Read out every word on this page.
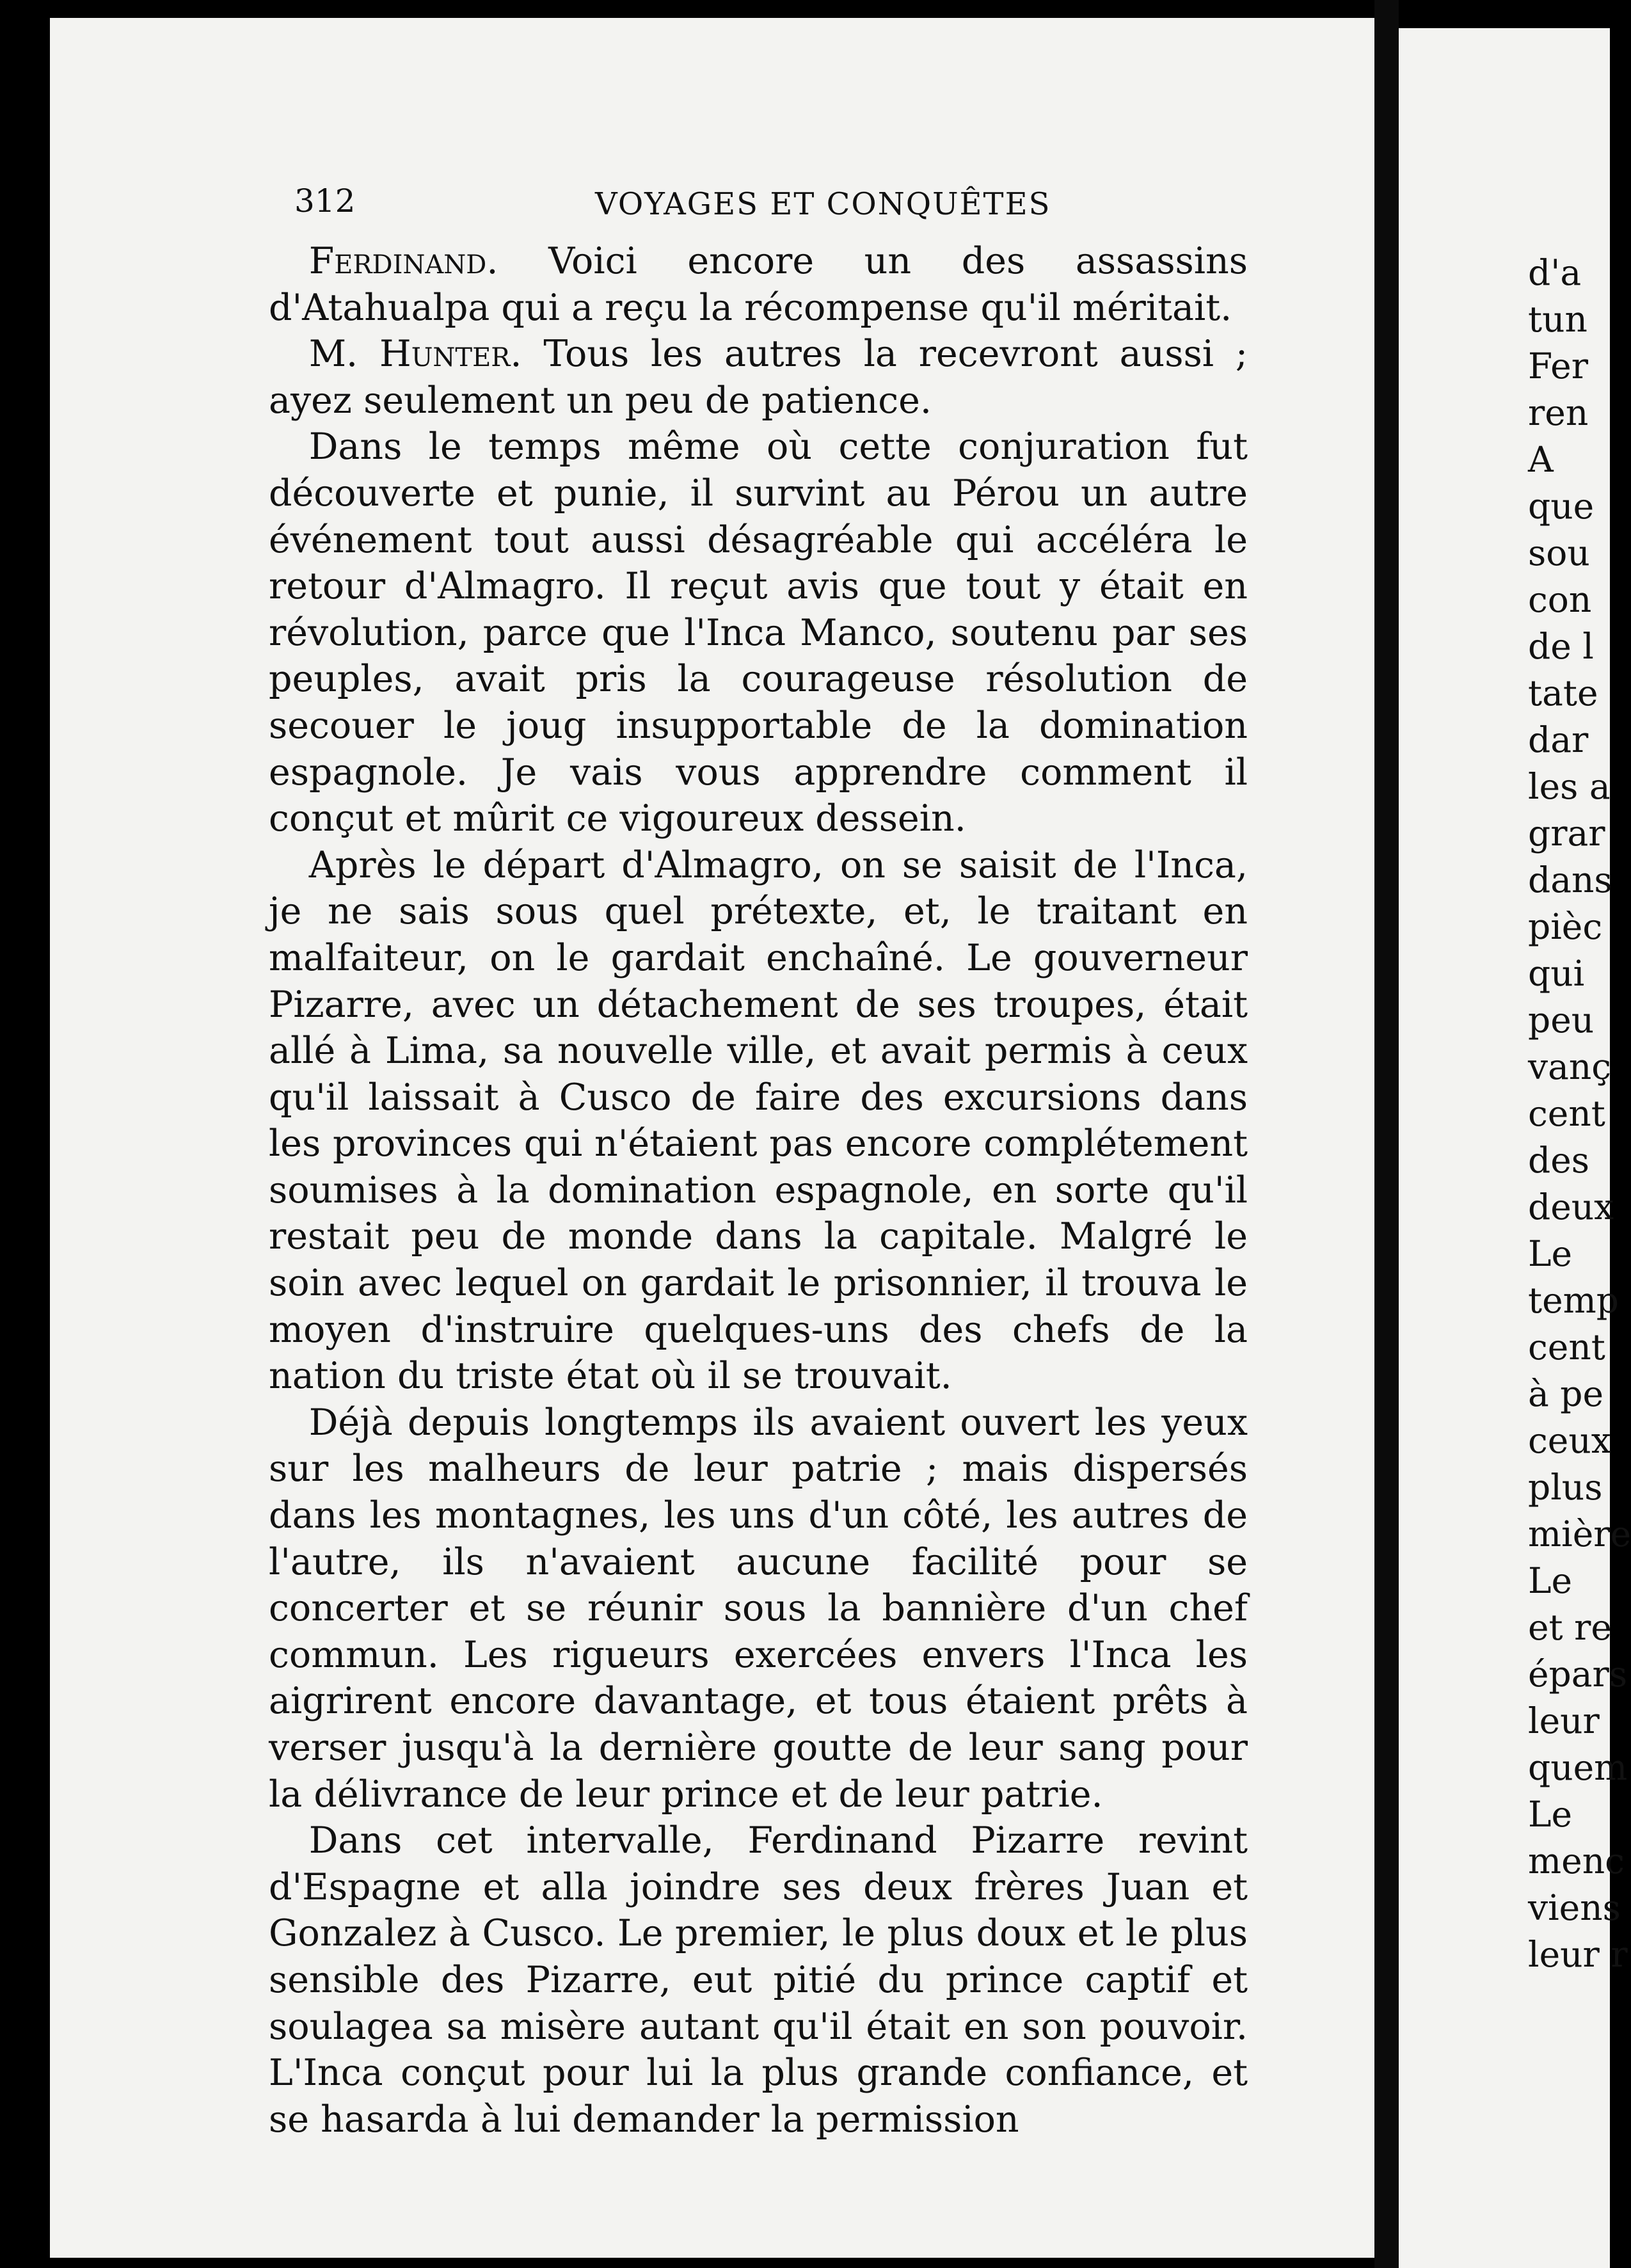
312	VOYAGES ET CONQUÊTES

Ferdinand. Voici encore un des assassins d'Atahualpa qui a reçu la récompense qu'il méritait.

M. Hunter. Tous les autres la recevront aussi ; ayez seulement un peu de patience.

Dans le temps même où cette conjuration fut découverte et punie, il survint au Pérou un autre événement tout aussi désagréable qui accéléra le retour d'Almagro. Il reçut avis que tout y était en révolution, parce que l'Inca Manco, soutenu par ses peuples, avait pris la courageuse résolution de secouer le joug insupportable de la domination espagnole. Je vais vous apprendre comment il conçut et mûrit ce vigoureux dessein.

Après le départ d'Almagro, on se saisit de l'Inca, je ne sais sous quel prétexte, et, le traitant en malfaiteur, on le gardait enchaîné. Le gouverneur Pizarre, avec un détachement de ses troupes, était allé à Lima, sa nouvelle ville, et avait permis à ceux qu'il laissait à Cusco de faire des excursions dans les provinces qui n'étaient pas encore complétement soumises à la domination espagnole, en sorte qu'il restait peu de monde dans la capitale. Malgré le soin avec lequel on gardait le prisonnier, il trouva le moyen d'instruire quelques-uns des chefs de la nation du triste état où il se trouvait.

Déjà depuis longtemps ils avaient ouvert les yeux sur les malheurs de leur patrie ; mais dispersés dans les montagnes, les uns d'un côté, les autres de l'autre, ils n'avaient aucune facilité pour se concerter et se réunir sous la bannière d'un chef commun. Les rigueurs exercées envers l'Inca les aigrirent encore davantage, et tous étaient prêts à verser jusqu'à la dernière goutte de leur sang pour la délivrance de leur prince et de leur patrie.

Dans cet intervalle, Ferdinand Pizarre revint d'Espagne et alla joindre ses deux frères Juan et Gonzalez à Cusco. Le premier, le plus doux et le plus sensible des Pizarre, eut pitié du prince captif et soulagea sa misère autant qu'il était en son pouvoir. L'Inca conçut pour lui la plus grande confiance, et se hasarda à lui demander la permission

d'a
tun
Fer
ren
A
que
sou
con
de l
tate
dar
les a
grar
dans
pièc
qui
peu
vanç
cent
des
deux
Le
temp
cent
à pe
ceux
plus
mière
Le
et re
épars
leur
quem
Le
menc
viens
leur r
